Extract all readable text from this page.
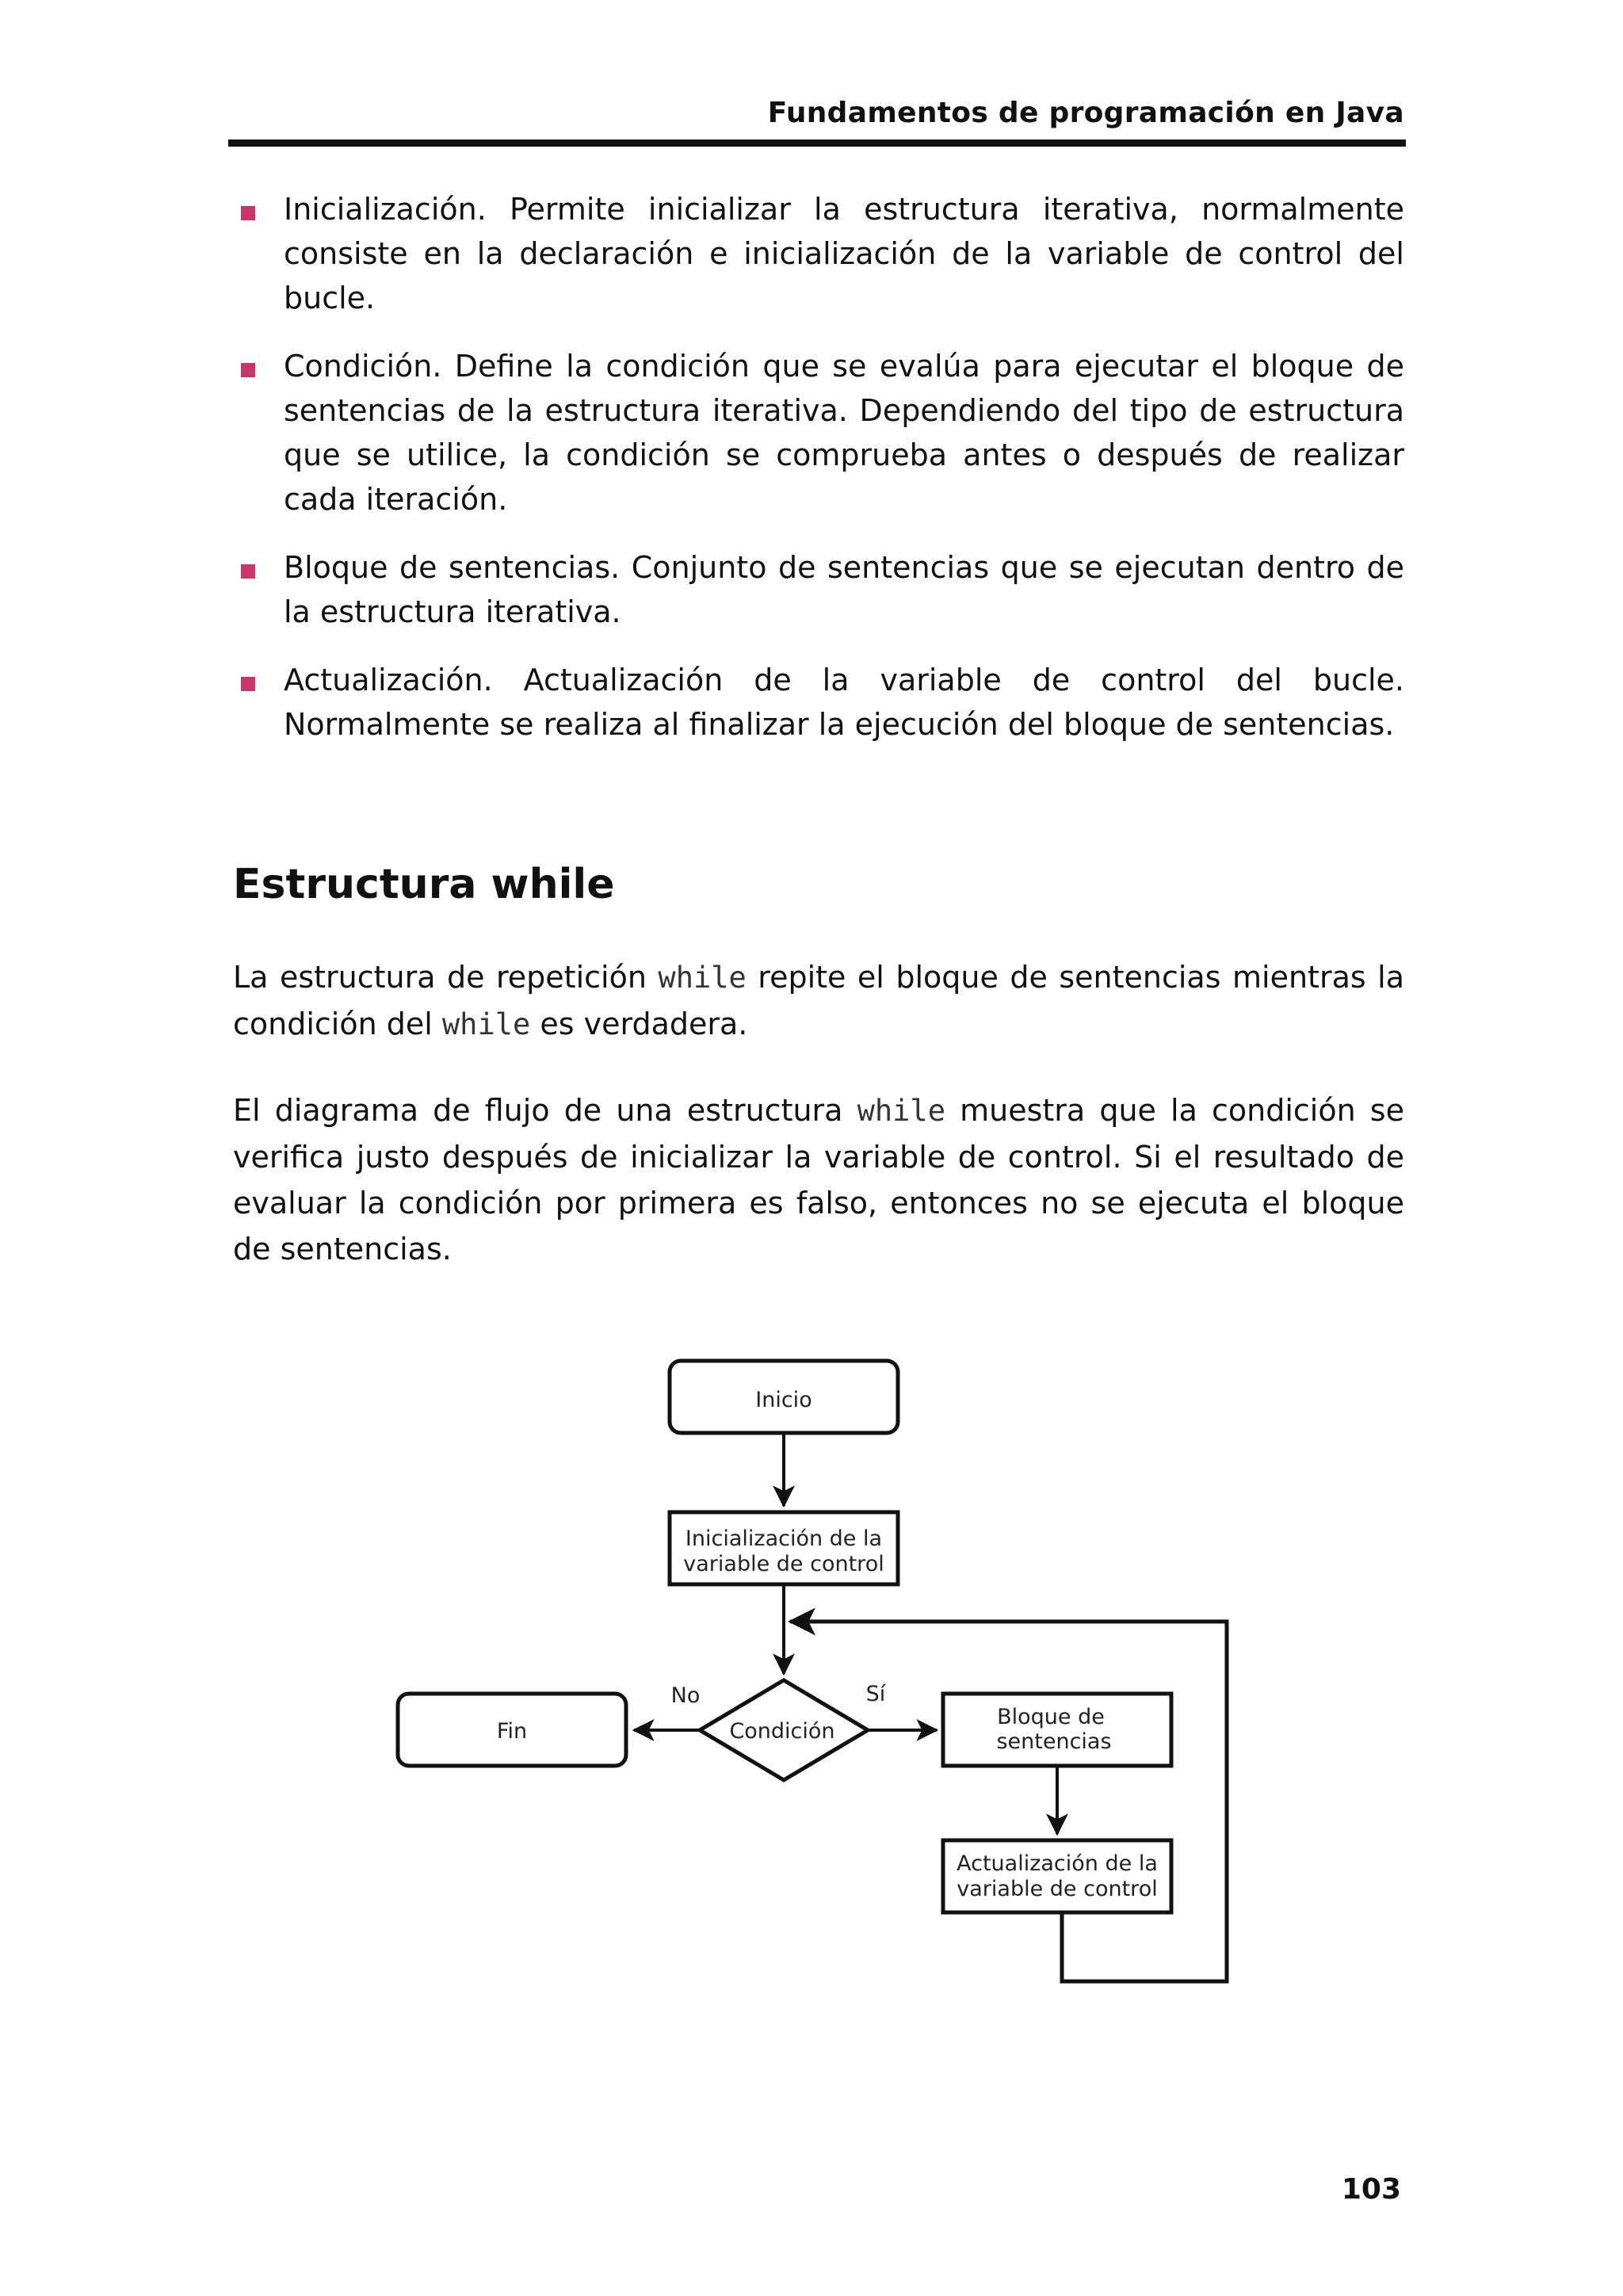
Fundamentos de programación en Java
Inicialización. Permite inicializar la estructura iterativa, normalmente consiste en la declaración e inicialización de la variable de control del bucle.
Condición. Define la condición que se evalúa para ejecutar el bloque de sentencias de la estructura iterativa. Dependiendo del tipo de estructura que se utilice, la condición se comprueba antes o después de realizar cada iteración.
Bloque de sentencias. Conjunto de sentencias que se ejecutan dentro de la estructura iterativa.
Actualización. Actualización de la variable de control del bucle. Normalmente se realiza al finalizar la ejecución del bloque de sentencias.
Estructura while

La estructura de repetición while repite el bloque de sentencias mientras la condición del while es verdadera.

El diagrama de flujo de una estructura while muestra que la condición se verifica justo después de inicializar la variable de control. Si el resultado de evaluar la condición por primera es falso, entonces no se ejecuta el bloque de sentencias.

Inicio
Inicialización de la
variable de control
Condición
No
Fin
Sí
Bloque de
sentencias
Actualización de la
variable de control
103
